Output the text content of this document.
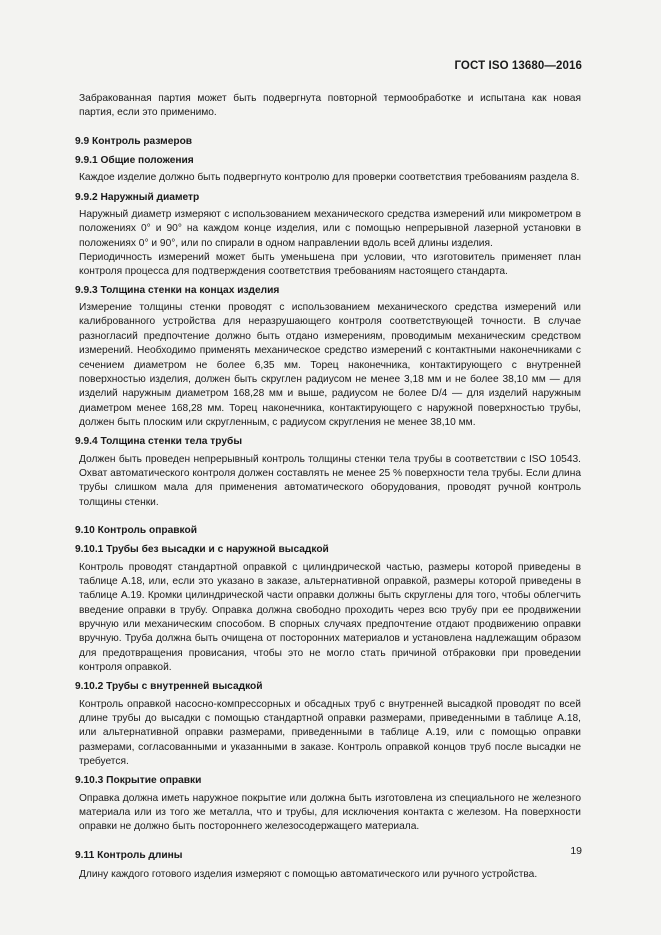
ГОСТ ISO 13680—2016

Забракованная партия может быть подвергнута повторной термообработке и испытана как новая партия, если это применимо.

9.9 Контроль размеров
9.9.1 Общие положения

Каждое изделие должно быть подвергнуто контролю для проверки соответствия требованиям раздела 8.

9.9.2 Наружный диаметр

Наружный диаметр измеряют с использованием механического средства измерений или микрометром в положениях 0° и 90° на каждом конце изделия, или с помощью непрерывной лазерной установки в положениях 0° и 90°, или по спирали в одном направлении вдоль всей длины изделия.

Периодичность измерений может быть уменьшена при условии, что изготовитель применяет план контроля процесса для подтверждения соответствия требованиям настоящего стандарта.

9.9.3 Толщина стенки на концах изделия

Измерение толщины стенки проводят с использованием механического средства измерений или калиброванного устройства для неразрушающего контроля соответствующей точности. В случае разногласий предпочтение должно быть отдано измерениям, проводимым механическим средством измерений. Необходимо применять механическое средство измерений с контактными наконечниками с сечением диаметром не более 6,35 мм. Торец наконечника, контактирующего с внутренней поверхностью изделия, должен быть скруглен радиусом не менее 3,18 мм и не более 38,10 мм — для изделий наружным диаметром 168,28 мм и выше, радиусом не более D/4 — для изделий наружным диаметром менее 168,28 мм. Торец наконечника, контактирующего с наружной поверхностью трубы, должен быть плоским или скругленным, с радиусом скругления не менее 38,10 мм.

9.9.4 Толщина стенки тела трубы

Должен быть проведен непрерывный контроль толщины стенки тела трубы в соответствии с ISO 10543. Охват автоматического контроля должен составлять не менее 25 % поверхности тела трубы. Если длина трубы слишком мала для применения автоматического оборудования, проводят ручной контроль толщины стенки.

9.10 Контроль оправкой
9.10.1 Трубы без высадки и с наружной высадкой

Контроль проводят стандартной оправкой с цилиндрической частью, размеры которой приведены в таблице А.18, или, если это указано в заказе, альтернативной оправкой, размеры которой приведены в таблице А.19. Кромки цилиндрической части оправки должны быть скруглены для того, чтобы облегчить введение оправки в трубу. Оправка должна свободно проходить через всю трубу при ее продвижении вручную или механическим способом. В спорных случаях предпочтение отдают продвижению оправки вручную. Труба должна быть очищена от посторонних материалов и установлена надлежащим образом для предотвращения провисания, чтобы это не могло стать причиной отбраковки при проведении контроля оправкой.

9.10.2 Трубы с внутренней высадкой

Контроль оправкой насосно-компрессорных и обсадных труб с внутренней высадкой проводят по всей длине трубы до высадки с помощью стандартной оправки размерами, приведенными в таблице А.18, или альтернативной оправки размерами, приведенными в таблице А.19, или с помощью оправки размерами, согласованными и указанными в заказе. Контроль оправкой концов труб после высадки не требуется.

9.10.3 Покрытие оправки

Оправка должна иметь наружное покрытие или должна быть изготовлена из специального не железного материала или из того же металла, что и трубы, для исключения контакта с железом. На поверхности оправки не должно быть постороннего железосодержащего материала.

9.11 Контроль длины

Длину каждого готового изделия измеряют с помощью автоматического или ручного устройства.

19
